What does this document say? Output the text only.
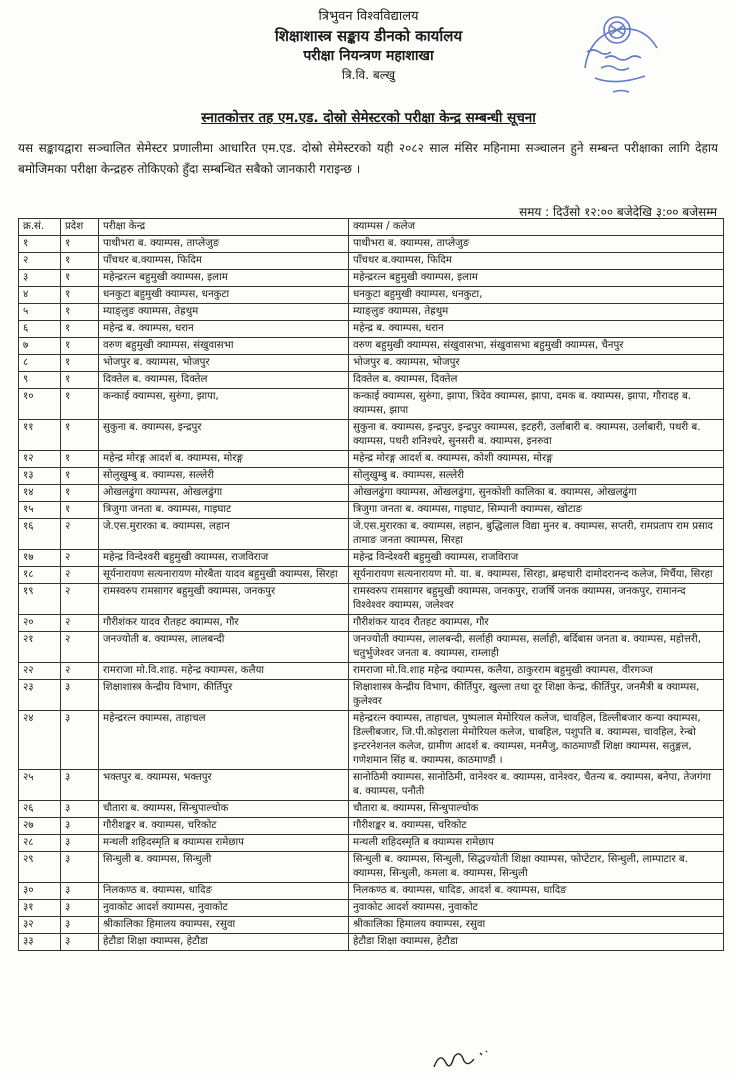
त्रिभुवन विश्वविद्यालय
शिक्षाशास्त्र सङ्काय डीनको कार्यालय
परीक्षा नियन्त्रण महाशाखा
त्रि.वि. बल्खु
स्नातकोत्तर तह एम.एड. दोस्रो सेमेस्टरको परीक्षा केन्द्र सम्बन्धी सूचना
यस सङ्कायद्वारा सञ्चालित सेमेस्टर प्रणालीमा आधारित एम.एड. दोस्रो सेमेस्टरको यही २०८२ साल मंसिर महिनामा सञ्चालन हुने सम्बन्त परीक्षाका लागि देहाय बमोजिमका परीक्षा केन्द्रहरु तोकिएको हुँदा सम्बन्धित सबैको जानकारी गराइन्छ ।
समय : दिउँसो १२:०० बजेदेखि ३:०० बजेसम्म
क्र.सं.	प्रदेश	परीक्षा केन्द्र	क्याम्पस / कलेज
१	१	पाथीभरा ब. क्याम्पस, ताप्लेजुङ	पाथीभरा ब. क्याम्पस, ताप्लेजुङ
२	१	पाँचथर ब.क्याम्पस, फिदिम	पाँचथर ब.क्याम्पस, फिदिम
३	१	महेन्द्ररत्न बहुमुखी क्याम्पस, इलाम	महेन्द्ररत्न बहुमुखी क्याम्पस, इलाम
४	१	धनकुटा बहुमुखी क्याम्पस, धनकुटा	धनकुटा बहुमुखी क्याम्पस, धनकुटा,
५	१	म्याङ्लुङ क्याम्पस, तेह्रथुम	म्याङ्लुङ क्याम्पस, तेह्रथुम
६	१	महेन्द्र ब. क्याम्पस, धरान	महेन्द्र ब. क्याम्पस, धरान
७	१	वरुण बहुमुखी क्याम्पस, संखुवासभा	वरुण बहुमुखी क्याम्पस, संखुवासभा, संखुवासभा बहुमुखी क्याम्पस, चैनपुर
८	१	भोजपुर ब. क्याम्पस, भोजपुर	भोजपुर ब. क्याम्पस, भोजपुर
९	१	दिक्तेल ब. क्याम्पस, दिक्तेल	दिक्तेल ब. क्याम्पस, दिक्तेल
१०	१	कन्काई क्याम्पस, सुरुंगा, झापा,	कन्काई क्याम्पस, सुरुंगा, झापा, त्रिदेव क्याम्पस, झापा, दमक ब. क्याम्पस, झापा, गौरादह ब. क्याम्पस, झापा
११	१	सुकुना ब. क्याम्पस, इन्द्रपुर	सुकुना ब. क्याम्पस, इन्द्रपुर, इन्द्रपुर क्याम्पस, इटहरी, उर्लाबारी ब. क्याम्पस, उर्लाबारी, पथरी ब. क्याम्पस, पथरी शनिश्चरे, सुनसरी ब. क्याम्पस, इनरुवा
१२	१	महेन्द्र मोरङ्ग आदर्श ब. क्याम्पस, मोरङ्ग	महेन्द्र मोरङ्ग आदर्श ब. क्याम्पस, कोशी क्याम्पस, मोरङ्ग
१३	१	सोलुखुम्बु ब. क्याम्पस, सल्लेरी	सोलुखुम्बु ब. क्याम्पस, सल्लेरी
१४	१	ओखलढुंगा क्याम्पस, ओखलढुंगा	ओखलढुंगा क्याम्पस, ओखलढुंगा, सुनकोशी कालिका ब. क्याम्पस, ओखलढुंगा
१५	१	त्रिजुगा जनता ब. क्याम्पस, गाइघाट	त्रिजुगा जनता ब. क्याम्पस, गाइघाट, सिम्पानी क्याम्पस, खोटाङ
१६	२	जे.एस.मुरारका ब. क्याम्पस, लहान	जे.एस.मुरारका ब. क्याम्पस, लहान, बुद्धिलाल विद्या मुनर ब. क्याम्पस, सप्तरी, रामप्रताप राम प्रसाद तामाङ जनता क्याम्पस, सिरहा
१७	२	महेन्द्र विन्देश्वरी बहुमुखी क्याम्पस, राजविराज	महेन्द्र विन्देश्वरी बहुमुखी क्याम्पस, राजविराज
१८	२	सूर्यनारायण सत्यनारायण मोरबैता यादव बहुमुखी क्याम्पस, सिरहा	सूर्यनारायण सत्यनारायण मो. या. ब. क्याम्पस, सिरहा, ब्रम्हचारी दामोदरानन्द कलेज, मिर्चैया, सिरहा
१९	२	रामस्वरुप रामसागर बहुमुखी क्याम्पस, जनकपुर	रामस्वरुप रामसागर बहुमुखी क्याम्पस, जनकपुर, राजर्षि जनक क्याम्पस, जनकपुर, रामानन्द विश्वेश्वर क्याम्पस, जलेश्वर
२०	२	गौरीशंकर यादव रौतहट क्याम्पस, गौर	गौरीशंकर यादव रौतहट क्याम्पस, गौर
२१	२	जनज्योती ब. क्याम्पस, लालबन्दी	जनज्योती क्याम्पस, लालबन्दी, सर्लाही क्याम्पस, सर्लाही, बर्दिबास जनता ब. क्याम्पस, महोत्तरी, चतुर्भुजेश्वर जनता ब. क्याम्पस, राम्लाही
२२	२	रामराजा मो.वि.शाह. महेन्द्र क्याम्पस, कलैया	रामराजा मो.वि.शाह महेन्द्र क्याम्पस, कलैया, ठाकुरराम बहुमुखी क्याम्पस, वीरगञ्ज
२३	३	शिक्षाशास्त्र केन्द्रीय विभाग, कीर्तिपुर	शिक्षाशास्त्र केन्द्रीय विभाग, कीर्तिपुर, खुल्ला तथा दूर शिक्षा केन्द्र, कीर्तिपुर, जनमैत्री ब क्याम्पस, कुलेश्वर
२४	३	महेन्द्ररत्न क्याम्पस, ताहाचल	महेन्द्ररत्न क्याम्पस, ताहाचल, पुष्पलाल मेमोरियल कलेज, चावहिल, डिल्लीबजार कन्या क्याम्पस, डिल्लीबजार, जि.पी.कोइराला मेमोरियल कलेज, चाबहिल, पशुपति ब. क्याम्पस, चावहिल, रेन्बो इन्टरनेशनल कलेज, ग्रामीण आदर्श ब. क्याम्पस, मनमैजु, काठमाण्डौं शिक्षा क्याम्पस, सतुङ्गल, गणेशमान सिंह ब. क्याम्पस, काठमाण्डौं ।
२५	३	भक्तपुर ब. क्याम्पस, भक्तपुर	सानोठिमी क्याम्पस, सानोठिमी, वानेश्वर ब. क्याम्पस, वानेश्वर, चैतन्य ब. क्याम्पस, बनेपा, तेजगंगा ब. क्याम्पस, पनौती
२६	३	चौतारा ब. क्याम्पस, सिन्धुपाल्चोक	चौतारा ब. क्याम्पस, सिन्धुपाल्चोक
२७	३	गौरीशङ्कर ब. क्याम्पस, चरिकोट	गौरीशङ्कर ब. क्याम्पस, चरिकोट
२८	३	मन्थली शहिदस्मृति ब क्याम्पस रामेछाप	मन्थली शहिदस्मृति ब क्याम्पस रामेछाप
२९	३	सिन्धुली ब. क्याम्पस, सिन्धुली	सिन्धुली ब. क्याम्पस, सिन्धुली, सिद्धज्योती शिक्षा क्याम्पस, फोप्टेटार, सिन्धुली, लाम्पाटार ब. क्याम्पस, सिन्धुली, कमला ब. क्याम्पस, सिन्धुली
३०	३	निलकण्ठ ब. क्याम्पस, धादिङ	निलकण्ठ ब. क्याम्पस, धादिङ, आदर्श ब. क्याम्पस, धादिङ
३१	३	नुवाकोट आदर्श क्याम्पस, नुवाकोट	नुवाकोट आदर्श क्याम्पस, नुवाकोट
३२	३	श्रीकालिका हिमालय क्याम्पस, रसुवा	श्रीकालिका हिमालय क्याम्पस, रसुवा
३३	३	हेटौडा शिक्षा क्याम्पस, हेटौडा	हेटौडा शिक्षा क्याम्पस, हेटौडा
